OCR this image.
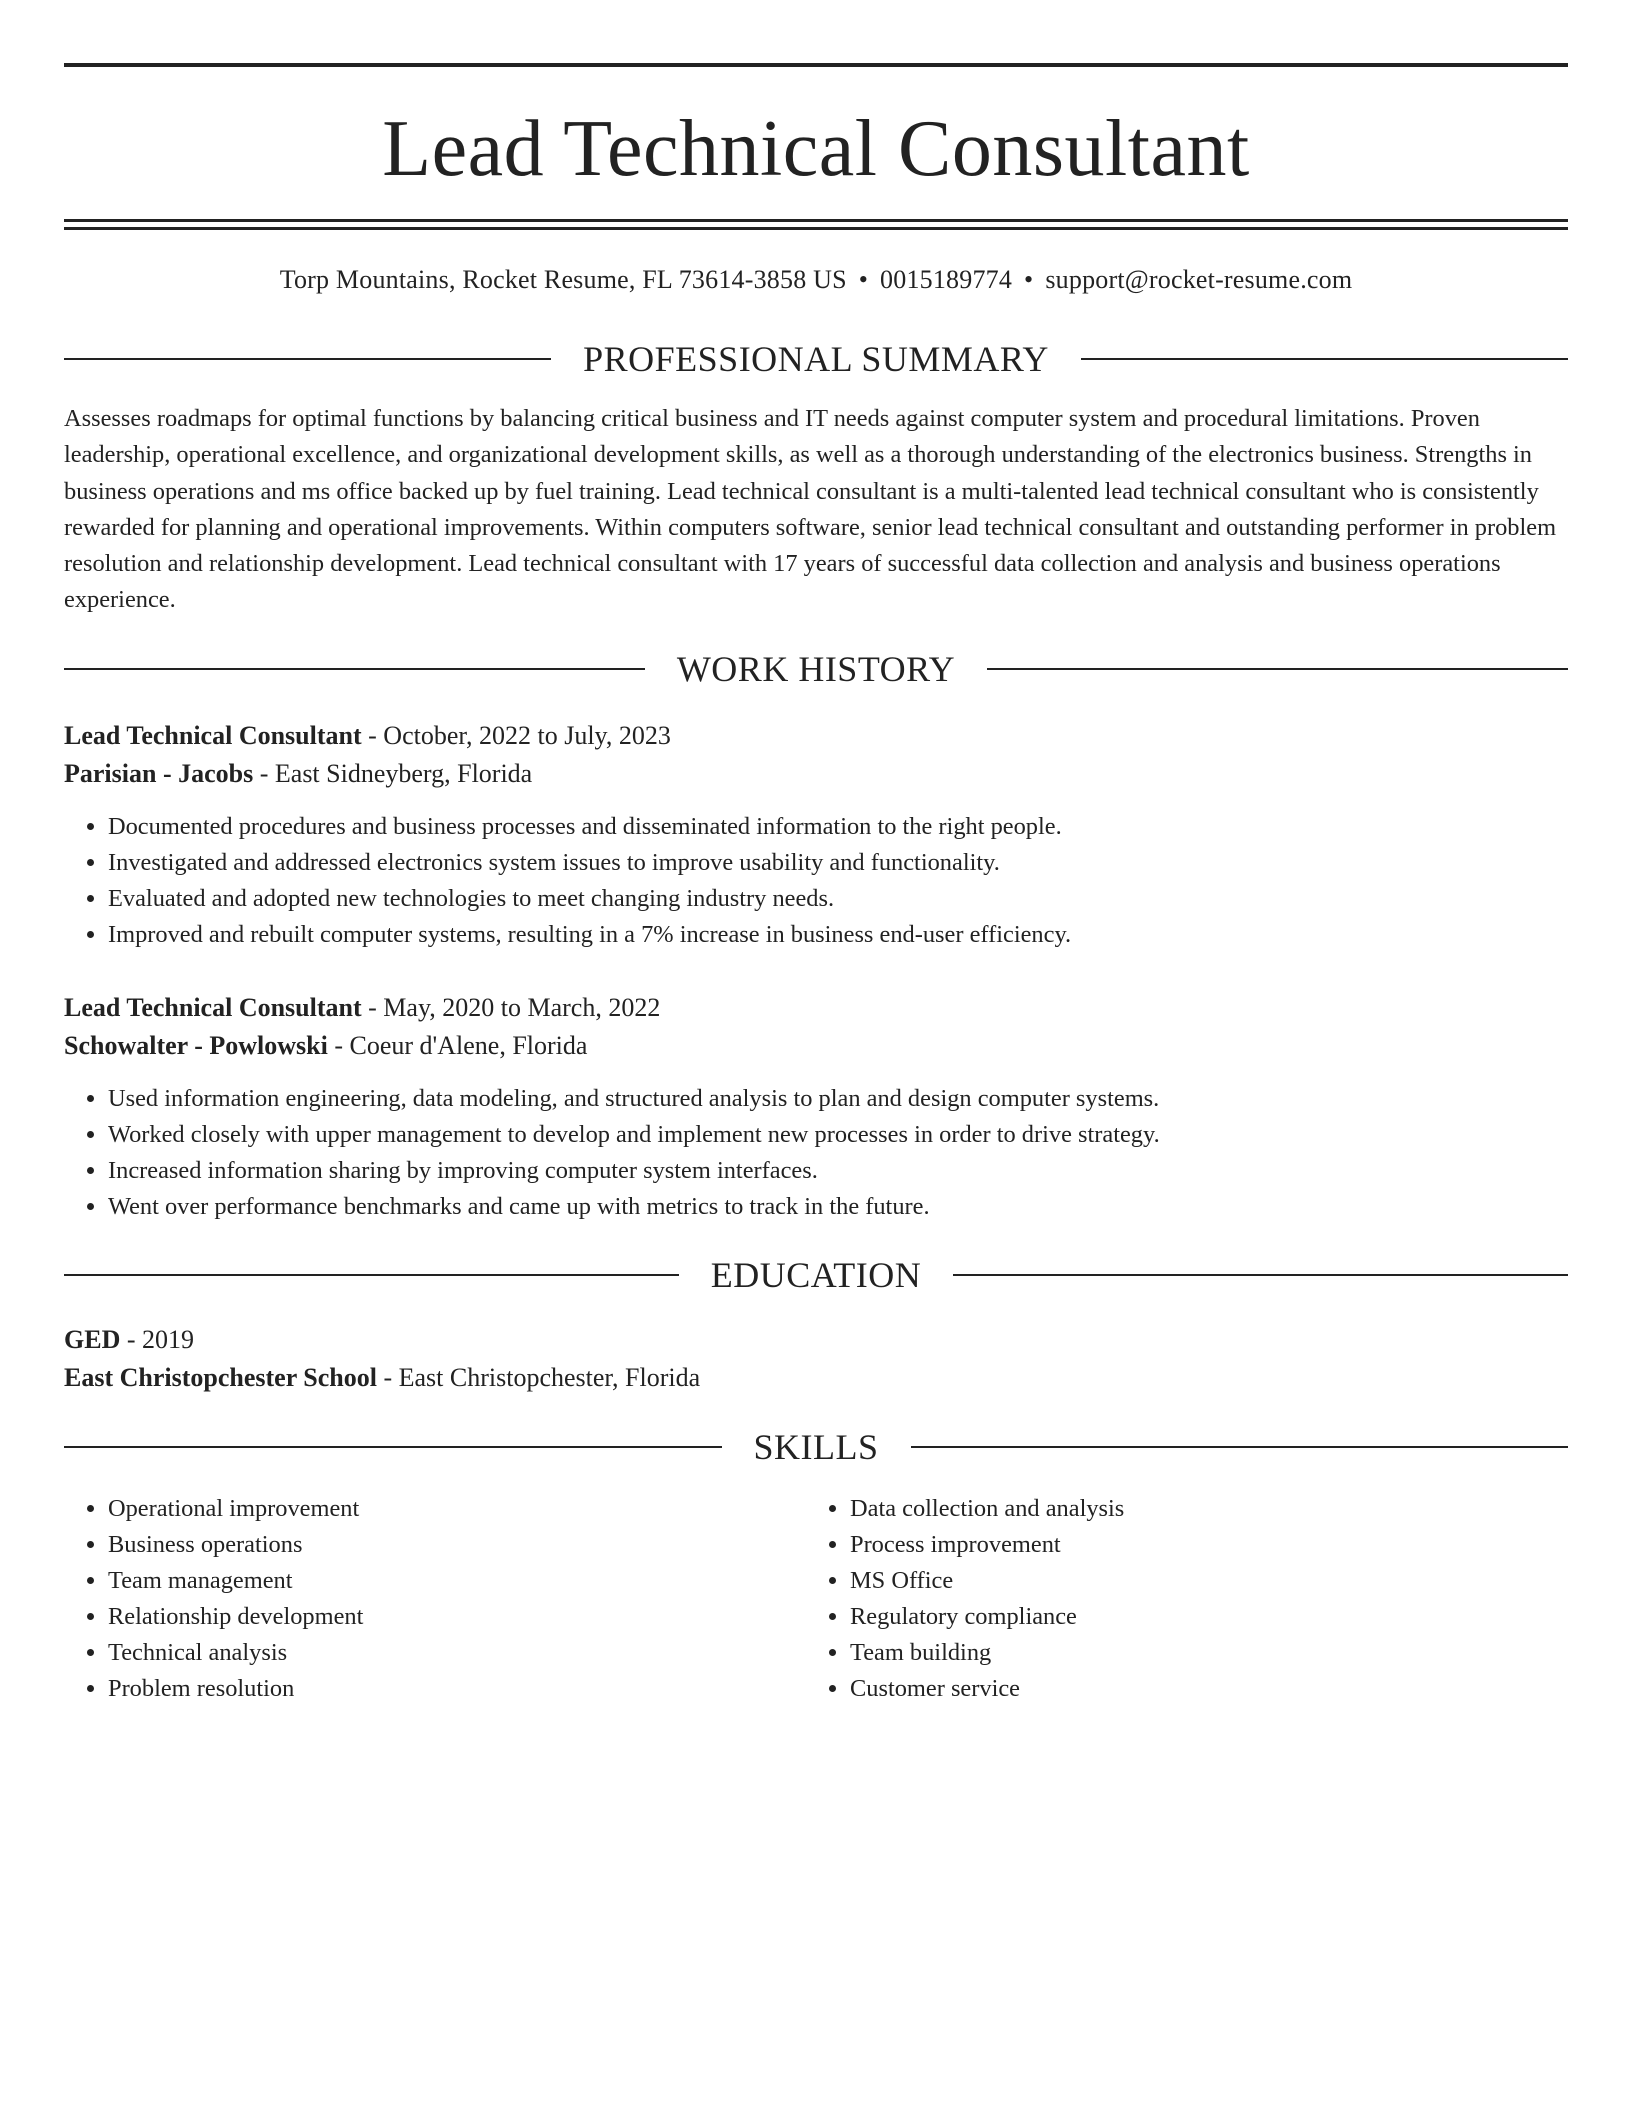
Lead Technical Consultant
Torp Mountains, Rocket Resume, FL 73614-3858 US • 0015189774 • support@rocket-resume.com
PROFESSIONAL SUMMARY
Assesses roadmaps for optimal functions by balancing critical business and IT needs against computer system and procedural limitations. Proven leadership, operational excellence, and organizational development skills, as well as a thorough understanding of the electronics business. Strengths in business operations and ms office backed up by fuel training. Lead technical consultant is a multi-talented lead technical consultant who is consistently rewarded for planning and operational improvements. Within computers software, senior lead technical consultant and outstanding performer in problem resolution and relationship development. Lead technical consultant with 17 years of successful data collection and analysis and business operations experience.
WORK HISTORY
Lead Technical Consultant - October, 2022 to July, 2023
Parisian - Jacobs - East Sidneyberg, Florida
• Documented procedures and business processes and disseminated information to the right people.
• Investigated and addressed electronics system issues to improve usability and functionality.
• Evaluated and adopted new technologies to meet changing industry needs.
• Improved and rebuilt computer systems, resulting in a 7% increase in business end-user efficiency.
Lead Technical Consultant - May, 2020 to March, 2022
Schowalter - Powlowski - Coeur d'Alene, Florida
• Used information engineering, data modeling, and structured analysis to plan and design computer systems.
• Worked closely with upper management to develop and implement new processes in order to drive strategy.
• Increased information sharing by improving computer system interfaces.
• Went over performance benchmarks and came up with metrics to track in the future.
EDUCATION
GED - 2019
East Christopchester School - East Christopchester, Florida
SKILLS
• Operational improvement
• Business operations
• Team management
• Relationship development
• Technical analysis
• Problem resolution
• Data collection and analysis
• Process improvement
• MS Office
• Regulatory compliance
• Team building
• Customer service
